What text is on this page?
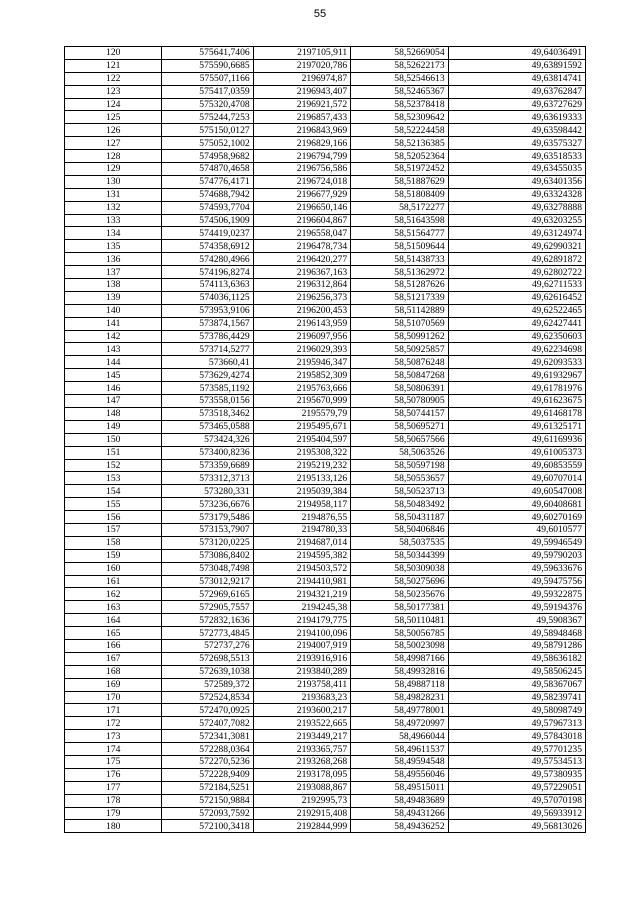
55
120	575641,7406	2197105,911	58,52669054	49,64036491
121	575590,6685	2197020,786	58,52622173	49,63891592
122	575507,1166	2196974,87	58,52546613	49,63814741
123	575417,0359	2196943,407	58,52465367	49,63762847
124	575320,4708	2196921,572	58,52378418	49,63727629
125	575244,7253	2196857,433	58,52309642	49,63619333
126	575150,0127	2196843,969	58,52224458	49,63598442
127	575052,1002	2196829,166	58,52136385	49,63575327
128	574958,9682	2196794,799	58,52052364	49,63518533
129	574870,4658	2196756,586	58,51972452	49,63455035
130	574776,4171	2196724,018	58,51887629	49,63401356
131	574688,7942	2196677,929	58,51808409	49,63324328
132	574593,7704	2196650,146	58,5172277	49,63278888
133	574506,1909	2196604,867	58,51643598	49,63203255
134	574419,0237	2196558,047	58,51564777	49,63124974
135	574358,6912	2196478,734	58,51509644	49,62990321
136	574280,4966	2196420,277	58,51438733	49,62891872
137	574196,8274	2196367,163	58,51362972	49,62802722
138	574113,6363	2196312,864	58,51287626	49,62711533
139	574036,1125	2196256,373	58,51217339	49,62616452
140	573953,9106	2196200,453	58,51142889	49,62522465
141	573874,1567	2196143,959	58,51070569	49,62427441
142	573786,4429	2196097,956	58,50991262	49,62350603
143	573714,5277	2196029,393	58,50925857	49,62234698
144	573660,41	2195946,347	58,50876248	49,62093533
145	573629,4274	2195852,309	58,50847268	49,61932967
146	573585,1192	2195763,666	58,50806391	49,61781976
147	573558,0156	2195670,999	58,50780905	49,61623675
148	573518,3462	2195579,79	58,50744157	49,61468178
149	573465,0588	2195495,671	58,50695271	49,61325171
150	573424,326	2195404,597	58,50657566	49,61169936
151	573400,8236	2195308,322	58,5063526	49,61005373
152	573359,6689	2195219,232	58,50597198	49,60853559
153	573312,3713	2195133,126	58,50553657	49,60707014
154	573280,331	2195039,384	58,50523713	49,60547008
155	573236,6676	2194958,117	58,50483492	49,60408681
156	573179,5486	2194876,55	58,50431187	49,60270169
157	573153,7907	2194780,33	58,50406846	49,6010577
158	573120,0225	2194687,014	58,5037535	49,59946549
159	573086,8402	2194595,382	58,50344399	49,59790203
160	573048,7498	2194503,572	58,50309038	49,59633676
161	573012,9217	2194410,981	58,50275696	49,59475756
162	572969,6165	2194321,219	58,50235676	49,59322875
163	572905,7557	2194245,38	58,50177381	49,59194376
164	572832,1636	2194179,775	58,50110481	49,5908367
165	572773,4845	2194100,096	58,50056785	49,58948468
166	572737,276	2194007,919	58,50023098	49,58791286
167	572698,5513	2193916,916	58,49987166	49,58636182
168	572639,1038	2193840,289	58,49932816	49,58506245
169	572589,372	2193758,411	58,49887118	49,58367067
170	572524,8534	2193683,23	58,49828231	49,58239741
171	572470,0925	2193600,217	58,49778001	49,58098749
172	572407,7082	2193522,665	58,49720997	49,57967313
173	572341,3081	2193449,217	58,4966044	49,57843018
174	572288,0364	2193365,757	58,49611537	49,57701235
175	572270,5236	2193268,268	58,49594548	49,57534513
176	572228,9409	2193178,095	58,49556046	49,57380935
177	572184,5251	2193088,867	58,49515011	49,57229051
178	572150,9884	2192995,73	58,49483689	49,57070198
179	572093,7592	2192915,408	58,49431266	49,56933912
180	572100,3418	2192844,999	58,49436252	49,56813026
